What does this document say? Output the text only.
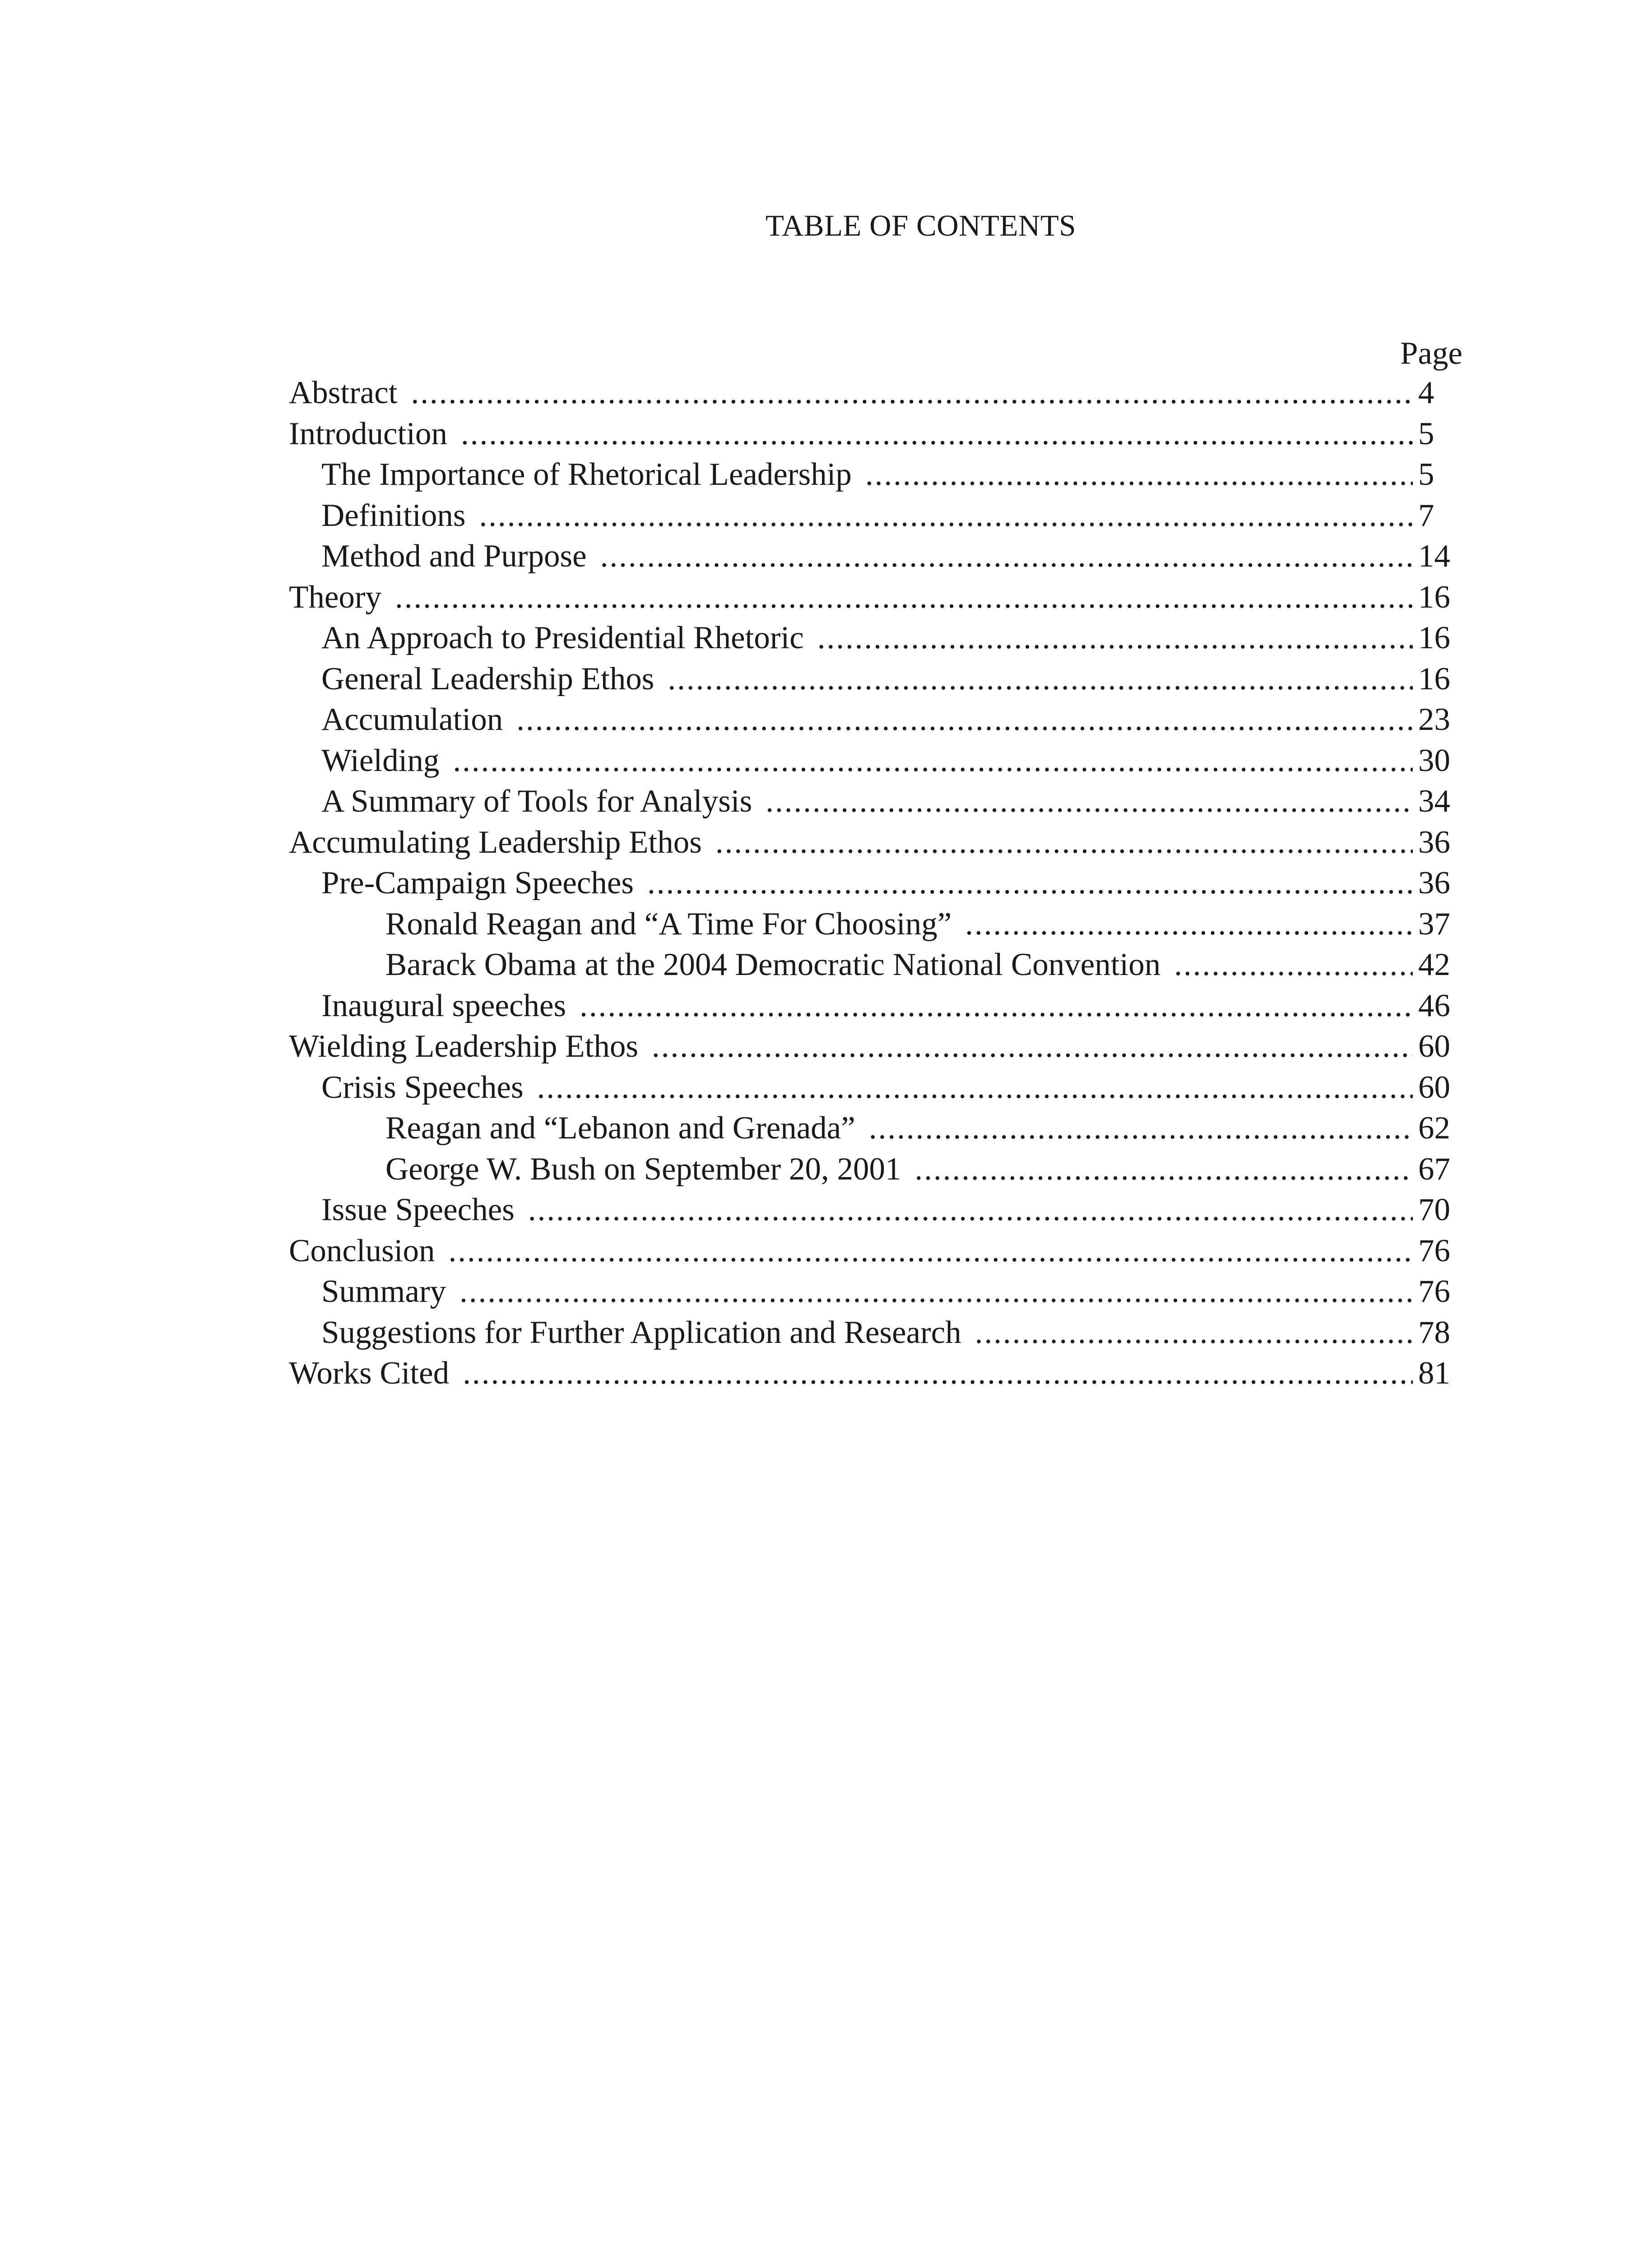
TABLE OF CONTENTS
Page
Abstract .....	4
Introduction .....	5
The Importance of Rhetorical Leadership .....	5
Definitions .....	7
Method and Purpose .....	14
Theory .....	16
An Approach to Presidential Rhetoric .....	16
General Leadership Ethos .....	16
Accumulation .....	23
Wielding .....	30
A Summary of Tools for Analysis .....	34
Accumulating Leadership Ethos .....	36
Pre-Campaign Speeches .....	36
Ronald Reagan and “A Time For Choosing” .....	37
Barack Obama at the 2004 Democratic National Convention .....	42
Inaugural speeches .....	46
Wielding Leadership Ethos .....	60
Crisis Speeches .....	60
Reagan and “Lebanon and Grenada” .....	62
George W. Bush on September 20, 2001 .....	67
Issue Speeches .....	70
Conclusion .....	76
Summary .....	76
Suggestions for Further Application and Research .....	78
Works Cited .....	81
